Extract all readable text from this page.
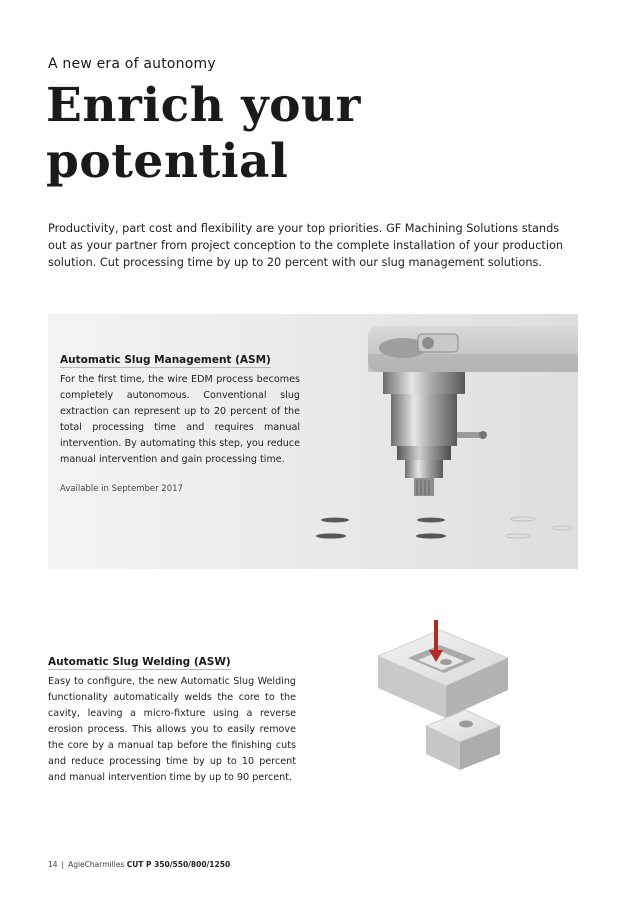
A new era of autonomy
Enrich your
potential

Productivity, part cost and flexibility are your top priorities. GF Machining Solutions stands out as your partner from project conception to the complete installation of your production solution. Cut processing time by up to 20 percent with our slug management solutions.

Automatic Slug Management (ASM)

For the first time, the wire EDM process becomes completely autonomous. Conventional slug extraction can represent up to 20 percent of the total processing time and requires manual intervention. By automating this step, you reduce manual intervention and gain processing time.

Available in September 2017
Automatic Slug Welding (ASW)

Easy to configure, the new Automatic Slug Welding functionality automatically welds the core to the cavity, leaving a micro-fixture using a reverse erosion process. This allows you to easily remove the core by a manual tap before the finishing cuts and reduce processing time by up to 10 percent and manual intervention time by up to 90 percent.

14 | AgieCharmilles CUT P 350/550/800/1250
